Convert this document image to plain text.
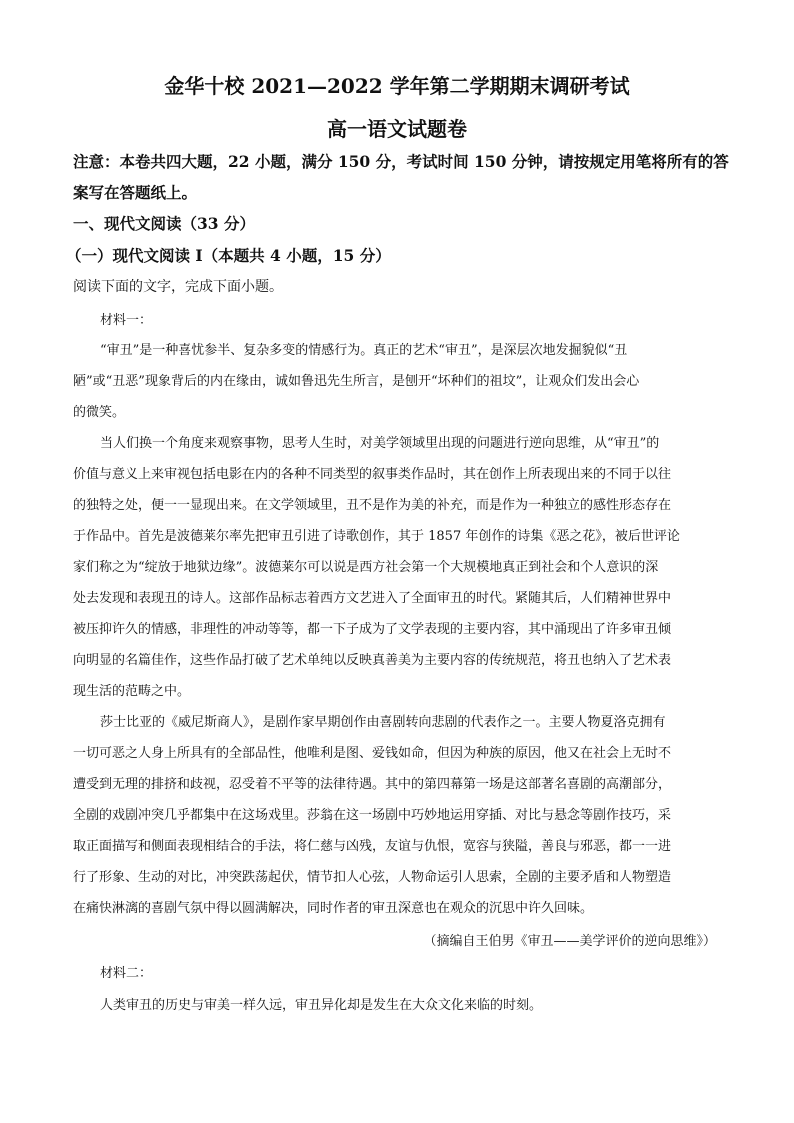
金华十校 2021—2022 学年第二学期期末调研考试
高一语文试题卷
注意：本卷共四大题，22 小题，满分 150 分，考试时间 150 分钟，请按规定用笔将所有的答
案写在答题纸上。
一、现代文阅读（33 分）
（一）现代文阅读 I（本题共 4 小题，15 分）
阅读下面的文字，完成下面小题。
材料一：
“审丑”是一种喜忧参半、复杂多变的情感行为。真正的艺术“审丑”，是深层次地发掘貌似“丑
陋”或“丑恶”现象背后的内在缘由，诚如鲁迅先生所言，是刨开“坏种们的祖坟”，让观众们发出会心
的微笑。
当人们换一个角度来观察事物，思考人生时，对美学领域里出现的问题进行逆向思维，从“审丑”的
价值与意义上来审视包括电影在内的各种不同类型的叙事类作品时，其在创作上所表现出来的不同于以往
的独特之处，便一一显现出来。在文学领域里，丑不是作为美的补充，而是作为一种独立的感性形态存在
于作品中。首先是波德莱尔率先把审丑引进了诗歌创作，其于 1857 年创作的诗集《恶之花》，被后世评论
家们称之为“绽放于地狱边缘”。波德莱尔可以说是西方社会第一个大规模地真正到社会和个人意识的深
处去发现和表现丑的诗人。这部作品标志着西方文艺进入了全面审丑的时代。紧随其后，人们精神世界中
被压抑许久的情感，非理性的冲动等等，都一下子成为了文学表现的主要内容，其中涌现出了许多审丑倾
向明显的名篇佳作，这些作品打破了艺术单纯以反映真善美为主要内容的传统规范，将丑也纳入了艺术表
现生活的范畴之中。
莎士比亚的《威尼斯商人》，是剧作家早期创作由喜剧转向悲剧的代表作之一。主要人物夏洛克拥有
一切可恶之人身上所具有的全部品性，他唯利是图、爱钱如命，但因为种族的原因，他又在社会上无时不
遭受到无理的排挤和歧视，忍受着不平等的法律待遇。其中的第四幕第一场是这部著名喜剧的高潮部分，
全剧的戏剧冲突几乎都集中在这场戏里。莎翁在这一场剧中巧妙地运用穿插、对比与悬念等剧作技巧，采
取正面描写和侧面表现相结合的手法，将仁慈与凶残，友谊与仇恨，宽容与狭隘，善良与邪恶，都一一进
行了形象、生动的对比，冲突跌荡起伏，情节扣人心弦，人物命运引人思索，全剧的主要矛盾和人物塑造
在痛快淋漓的喜剧气氛中得以圆满解决，同时作者的审丑深意也在观众的沉思中许久回味。
（摘编自王伯男《审丑——美学评价的逆向思维》）
材料二：
人类审丑的历史与审美一样久远，审丑异化却是发生在大众文化来临的时刻。
